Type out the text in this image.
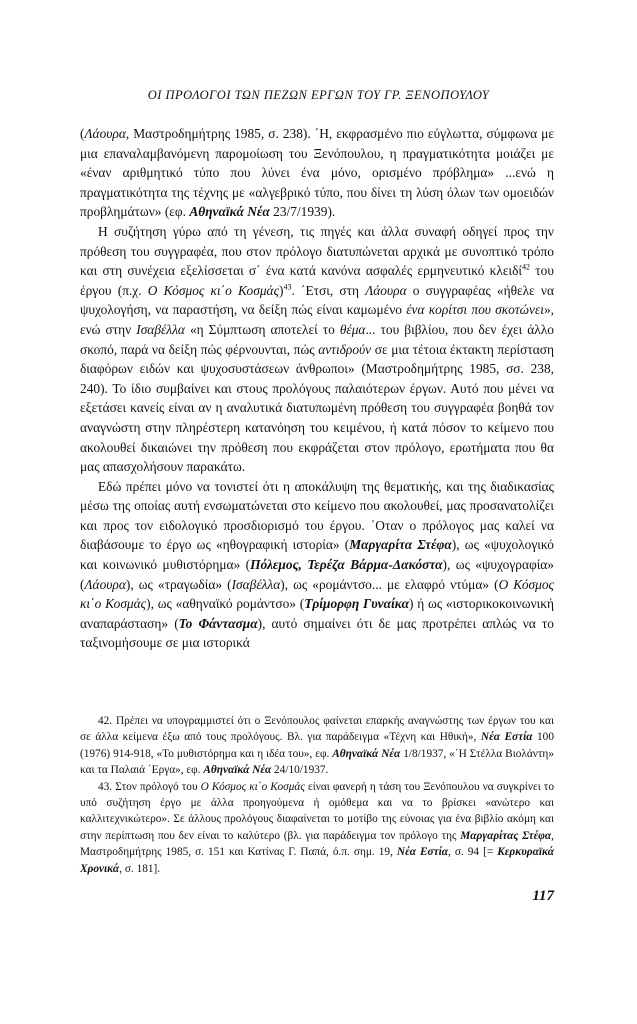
ΟΙ ΠΡΟΛΟΓΟΙ ΤΩΝ ΠΕΖΩΝ ΕΡΓΩΝ ΤΟΥ ΓΡ. ΞΕΝΟΠΟΥΛΟΥ

(Λάουρα, Μαστροδημήτρης 1985, σ. 238). ΄Η, εκφρασμένο πιο εύγλωττα, σύμφωνα με μια επαναλαμβανόμενη παρομοίωση του Ξενόπουλου, η πραγματικότητα μοιάζει με «έναν αριθμητικό τύπο που λύνει ένα μόνο, ορισμένο πρόβλημα» ...ενώ η πραγματικότητα της τέχνης με «αλγεβρικό τύπο, που δίνει τη λύση όλων των ομοειδών προβλημάτων» (εφ. Αθηναϊκά Νέα 23/7/1939).

Η συζήτηση γύρω από τη γένεση, τις πηγές και άλλα συναφή οδηγεί προς την πρόθεση του συγγραφέα, που στον πρόλογο διατυπώνεται αρχικά με συνοπτικό τρόπο και στη συνέχεια εξελίσσεται σ΄ ένα κατά κανόνα ασφαλές ερμηνευτικό κλειδί$^{42}$ του έργου (π.χ. Ο Κόσμος κι΄ο Κοσμάς)$^{43}$. ΄Ετσι, στη Λάουρα ο συγγραφέας «ήθελε να ψυχολογήση, να παραστήση, να δείξη πώς είναι καμωμένο ένα κορίτσι που σκοτώνει», ενώ στην Ισαβέλλα «η Σύμπτωση αποτελεί το θέμα... του βιβλίου, που δεν έχει άλλο σκοπό, παρά να δείξη πώς φέρνουνται, πώς αντιδρούν σε μια τέτοια έκτακτη περίσταση διαφόρων ειδών και ψυχοσυστάσεων άνθρωποι» (Μαστροδημήτρης 1985, σσ. 238, 240). Το ίδιο συμβαίνει και στους προλόγους παλαιότερων έργων. Αυτό που μένει να εξετάσει κανείς είναι αν η αναλυτικά διατυπωμένη πρόθεση του συγγραφέα βοηθά τον αναγνώστη στην πληρέστερη κατανόηση του κειμένου, ή κατά πόσον το κείμενο που ακολουθεί δικαιώνει την πρόθεση που εκφράζεται στον πρόλογο, ερωτήματα που θα μας απασχολήσουν παρακάτω.

Εδώ πρέπει μόνο να τονιστεί ότι η αποκάλυψη της θεματικής, και της διαδικασίας μέσω της οποίας αυτή ενσωματώνεται στο κείμενο που ακολουθεί, μας προσανατολίζει και προς τον ειδολογικό προσδιορισμό του έργου. ΄Οταν ο πρόλογος μας καλεί να διαβάσουμε το έργο ως «ηθογραφική ιστορία» (Μαργαρίτα Στέφα), ως «ψυχολογικό και κοινωνικό μυθιστόρημα» (Πόλεμος, Τερέζα Βάρμα-Δακόστα), ως «ψυχογραφία» (Λάουρα), ως «τραγωδία» (Ισαβέλλα), ως «ρομάντσο... με ελαφρό ντύμα» (Ο Κόσμος κι΄ο Κοσμάς), ως «αθηναϊκό ρομάντσο» (Τρίμορφη Γυναίκα) ή ως «ιστορικοκοινωνική αναπαράσταση» (Το Φάντασμα), αυτό σημαίνει ότι δε μας προτρέπει απλώς να το ταξινομήσουμε σε μια ιστορικά

42. Πρέπει να υπογραμμιστεί ότι ο Ξενόπουλος φαίνεται επαρκής αναγνώστης των έργων του και σε άλλα κείμενα έξω από τους προλόγους. Βλ. για παράδειγμα «Τέχνη και Ηθική», Νέα Εστία 100 (1976) 914-918, «Το μυθιστόρημα και η ιδέα του», εφ. Αθηναϊκά Νέα 1/8/1937, «΄Η Στέλλα Βιολάντη» και τα Παλαιά ΄Εργα», εφ. Αθηναϊκά Νέα 24/10/1937.

43. Στον πρόλογό του Ο Κόσμος κι΄ο Κοσμάς είναι φανερή η τάση του Ξενόπουλου να συγκρίνει το υπό συζήτηση έργο με άλλα προηγούμενα ή ομόθεμα και να το βρίσκει «ανώτερο και καλλιτεχνικώτερο». Σε άλλους προλόγους διαφαίνεται το μοτίβο της εύνοιας για ένα βιβλίο ακόμη και στην περίπτωση που δεν είναι το καλύτερο (βλ. για παράδειγμα τον πρόλογο της Μαργαρίτας Στέφα, Μαστροδημήτρης 1985, σ. 151 και Κατίνας Γ. Παπά, ό.π. σημ. 19, Νέα Εστία, σ. 94 [= Κερκυραϊκά Χρονικά, σ. 181].

117
